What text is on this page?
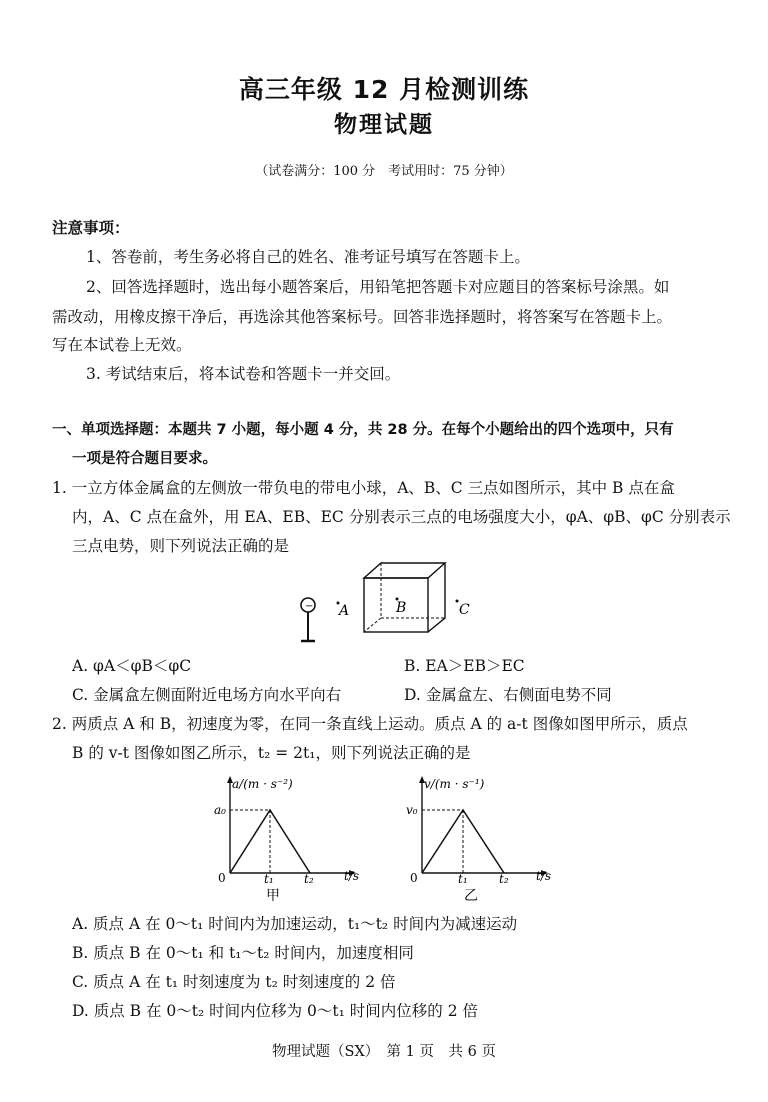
高三年级 12 月检测训练
物理试题
（试卷满分：100 分　考试用时：75 分钟）
注意事项：
1、答卷前，考生务必将自己的姓名、准考证号填写在答题卡上。
2、回答选择题时，选出每小题答案后，用铅笔把答题卡对应题目的答案标号涂黑。如
需改动，用橡皮擦干净后，再选涂其他答案标号。回答非选择题时，将答案写在答题卡上。
写在本试卷上无效。
3. 考试结束后，将本试卷和答题卡一并交回。
一、单项选择题：本题共 7 小题，每小题 4 分，共 28 分。在每个小题给出的四个选项中，只有
一项是符合题目要求。
1. 一立方体金属盒的左侧放一带负电的带电小球，A、B、C 三点如图所示，其中 B 点在盒
内，A、C 点在盒外，用 EA、EB、EC 分别表示三点的电场强度大小，φA、φB、φC 分别表示
三点电势，则下列说法正确的是
− A	B	C
A. φA＜φB＜φC	B. EA＞EB＞EC
C. 金属盒左侧面附近电场方向水平向右	D. 金属盒左、右侧面电势不同
2. 两质点 A 和 B，初速度为零，在同一条直线上运动。质点 A 的 a-t 图像如图甲所示，质点
B 的 v-t 图像如图乙所示，t₂ = 2t₁，则下列说法正确的是
a/(m · s⁻²)
a₀
0	t₁	t₂	t/s
甲
v/(m · s⁻¹)
v₀
0	t₁	t₂ t/s
乙
A. 质点 A 在 0～t₁ 时间内为加速运动，t₁～t₂ 时间内为减速运动
B. 质点 B 在 0～t₁ 和 t₁～t₂ 时间内，加速度相同
C. 质点 A 在 t₁ 时刻速度为 t₂ 时刻速度的 2 倍
D. 质点 B 在 0～t₂ 时间内位移为 0～t₁ 时间内位移的 2 倍
物理试题（SX）　第 1 页　共 6 页
